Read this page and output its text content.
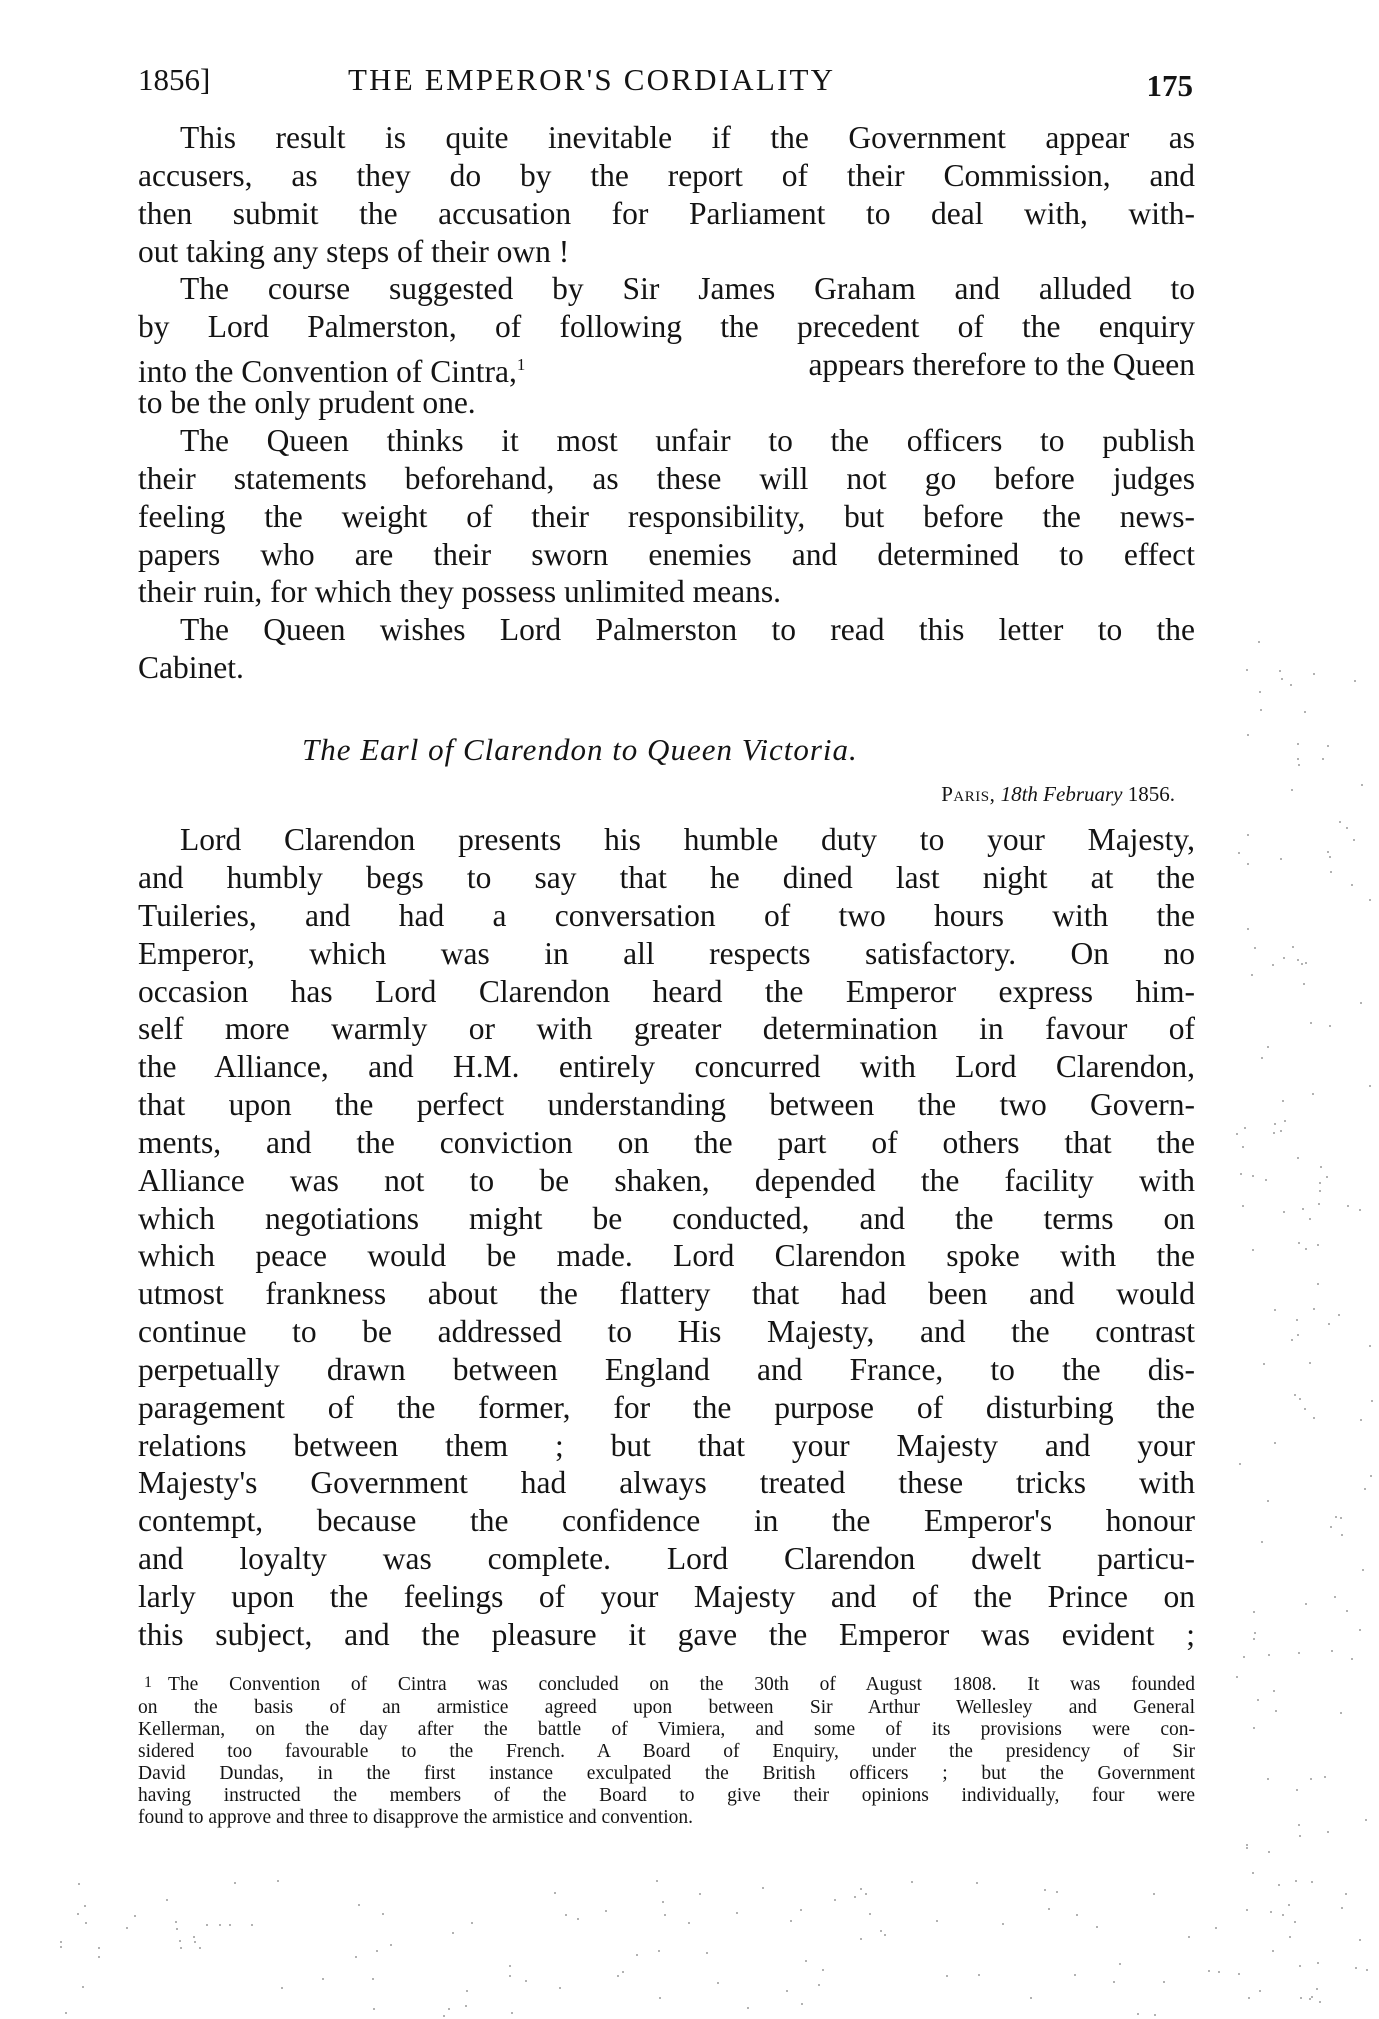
1856]	THE EMPEROR'S CORDIALITY	175
This result is quite inevitable if the Government appear as
accusers, as they do by the report of their Commission, and
then submit the accusation for Parliament to deal with, with-
out taking any steps of their own !
The course suggested by Sir James Graham and alluded to
by Lord Palmerston, of following the precedent of the enquiry
into the Convention of Cintra,$^1$	appears therefore to the Queen
to be the only prudent one.
The Queen thinks it most unfair to the officers to publish
their statements beforehand, as these will not go before judges
feeling the weight of their responsibility, but before the news-
papers who are their sworn enemies and determined to effect
their ruin, for which they possess unlimited means.
The Queen wishes Lord Palmerston to read this letter to the
Cabinet.
The Earl of Clarendon to Queen Victoria.
Paris, 18th February 1856.
Lord Clarendon presents his humble duty to your Majesty,
and humbly begs to say that he dined last night at the
Tuileries, and had a conversation of two hours with the
Emperor, which was in all respects satisfactory. On no
occasion has Lord Clarendon heard the Emperor express him-
self more warmly or with greater determination in favour of
the Alliance, and H.M. entirely concurred with Lord Clarendon,
that upon the perfect understanding between the two Govern-
ments, and the conviction on the part of others that the
Alliance was not to be shaken, depended the facility with
which negotiations might be conducted, and the terms on
which peace would be made. Lord Clarendon spoke with the
utmost frankness about the flattery that had been and would
continue to be addressed to His Majesty, and the contrast
perpetually drawn between England and France, to the dis-
paragement of the former, for the purpose of disturbing the
relations between them ; but that your Majesty and your
Majesty's Government had always treated these tricks with
contempt, because the confidence in the Emperor's honour
and loyalty was complete. Lord Clarendon dwelt particu-
larly upon the feelings of your Majesty and of the Prince on
this subject, and the pleasure it gave the Emperor was evident ;
1 The Convention of Cintra was concluded on the 30th of August 1808. It was founded
on the basis of an armistice agreed upon between Sir Arthur Wellesley and General
Kellerman, on the day after the battle of Vimiera, and some of its provisions were con-
sidered too favourable to the French. A Board of Enquiry, under the presidency of Sir
David Dundas, in the first instance exculpated the British officers ; but the Government
having instructed the members of the Board to give their opinions individually, four were
found to approve and three to disapprove the armistice and convention.
